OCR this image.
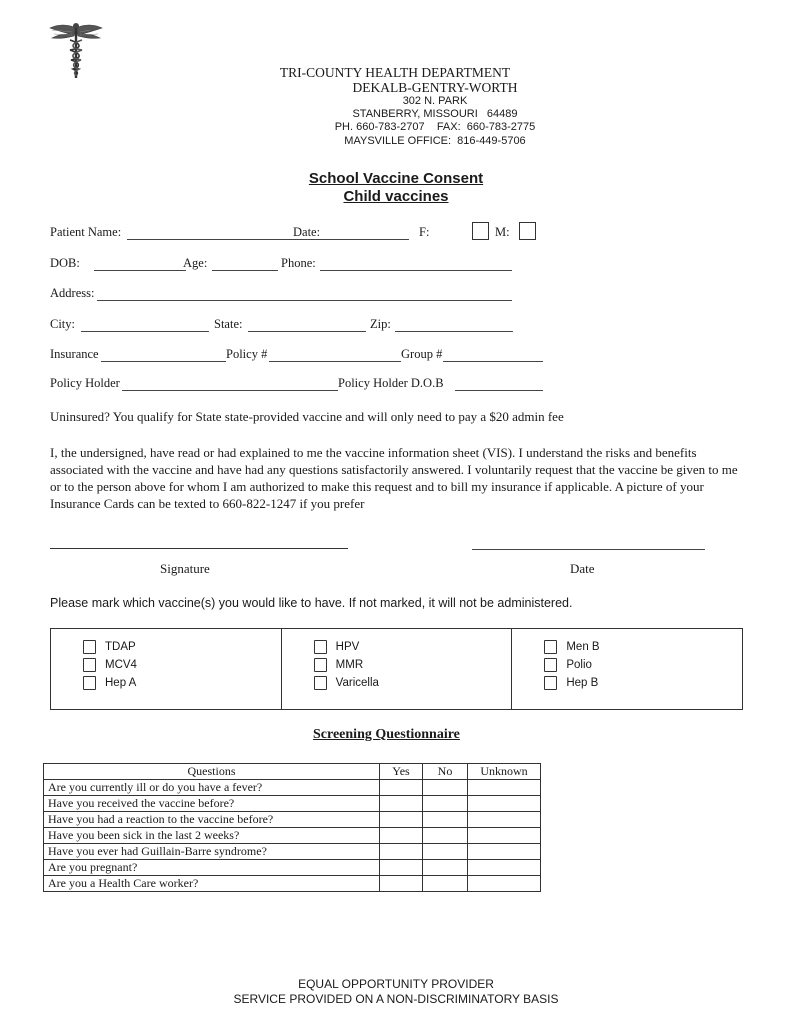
TRI-COUNTY HEALTH DEPARTMENT
DEKALB-GENTRY-WORTH
302 N. PARK
STANBERRY, MISSOURI   64489
PH. 660-783-2707    FAX:  660-783-2775
MAYSVILLE OFFICE:  816-449-5706
School Vaccine Consent
Child vaccines
Patient Name:	Date:	F:	M:
DOB:	Age:	Phone:
Address:
City:	State:	Zip:
Insurance	Policy #	Group #
Policy Holder	Policy Holder D.O.B
Uninsured? You qualify for State state-provided vaccine and will only need to pay a $20 admin fee
I, the undersigned, have read or had explained to me the vaccine information sheet (VIS). I understand the risks and benefits associated with the vaccine and have had any questions satisfactorily answered. I voluntarily request that the vaccine be given to me or to the person above for whom I am authorized to make this request and to bill my insurance if applicable. A picture of your Insurance Cards can be texted to 660-822-1247 if you prefer
Signature	Date
Please mark which vaccine(s) you would like to have. If not marked, it will not be administered.
TDAP
MCV4
Hep A
HPV
MMR
Varicella
Men B
Polio
Hep B
Screening Questionnaire
Questions	Yes	No	Unknown
Are you currently ill or do you have a fever?			
Have you received the vaccine before?			
Have you had a reaction to the vaccine before?			
Have you been sick in the last 2 weeks?			
Have you ever had Guillain-Barre syndrome?			
Are you pregnant?			
Are you a Health Care worker?			
EQUAL OPPORTUNITY PROVIDER
SERVICE PROVIDED ON A NON-DISCRIMINATORY BASIS
